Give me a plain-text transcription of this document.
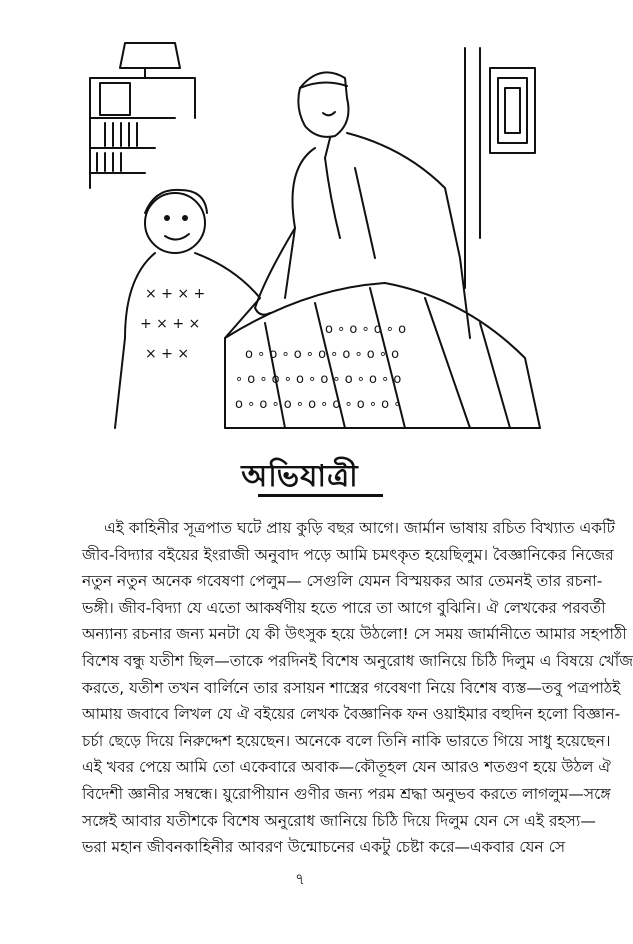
× + × +
+ × + ×
× + ×	ο ∘ ο ∘ ο ∘ ο ∘ ο ∘ ο ∘ ο
∘ ο ∘ ο ∘ ο ∘ ο ∘ ο ∘ ο ∘ ο
ο ∘ ο ∘ ο ∘ ο ∘ ο ∘ ο ∘ ο ∘
ο ∘ ο ∘ ο ∘ ο
অভিযাত্রী
এই কাহিনীর সূত্রপাত ঘটে প্রায় কুড়ি বছর আগে। জার্মান ভাষায় রচিত বিখ্যাত একটি
জীব-বিদ্যার বইয়ের ইংরাজী অনুবাদ পড়ে আমি চমৎকৃত হয়েছিলুম। বৈজ্ঞানিকের নিজের
নতুন নতুন অনেক গবেষণা পেলুম— সেগুলি যেমন বিস্ময়কর আর তেমনই তার রচনা-
ভঙ্গী। জীব-বিদ্যা যে এতো আকর্ষণীয় হতে পারে তা আগে বুঝিনি। ঐ লেখকের পরবর্তী
অন্যান্য রচনার জন্য মনটা যে কী উৎসুক হয়ে উঠলো! সে সময় জার্মানীতে আমার সহপাঠী
বিশেষ বন্ধু যতীশ ছিল—তাকে পরদিনই বিশেষ অনুরোধ জানিয়ে চিঠি দিলুম এ বিষয়ে খোঁজ
করতে, যতীশ তখন বার্লিনে তার রসায়ন শাস্ত্রের গবেষণা নিয়ে বিশেষ ব্যস্ত—তবু পত্রপাঠই
আমায় জবাবে লিখল যে ঐ বইয়ের লেখক বৈজ্ঞানিক ফন ওয়াইমার বহুদিন হলো বিজ্ঞান-
চর্চা ছেড়ে দিয়ে নিরুদ্দেশ হয়েছেন। অনেকে বলে তিনি নাকি ভারতে গিয়ে সাধু হয়েছেন।
এই খবর পেয়ে আমি তো একেবারে অবাক—কৌতূহল যেন আরও শতগুণ হয়ে উঠল ঐ
বিদেশী জ্ঞানীর সম্বন্ধে। য়ুরোপীয়ান গুণীর জন্য পরম শ্রদ্ধা অনুভব করতে লাগলুম—সঙ্গে
সঙ্গেই আবার যতীশকে বিশেষ অনুরোধ জানিয়ে চিঠি দিয়ে দিলুম যেন সে এই রহস্য—
ভরা মহান জীবনকাহিনীর আবরণ উন্মোচনের একটু চেষ্টা করে—একবার যেন সে
৭
